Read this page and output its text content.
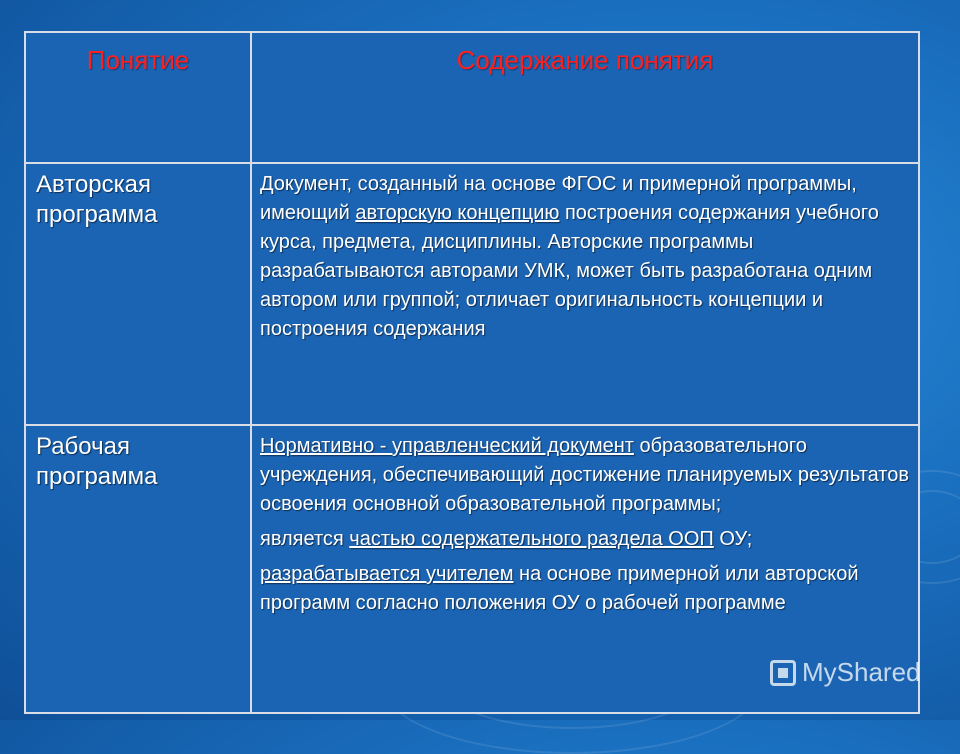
Понятие	Содержание понятия
Авторская программа	Документ, созданный на основе ФГОС и примерной программы, имеющий авторскую концепцию построения содержания учебного курса, предмета, дисциплины. Авторские программы разрабатываются авторами УМК, может быть разработана одним автором или группой; отличает оригинальность концепции и построения содержания
Рабочая программа	Нормативно - управленческий документ образовательного учреждения, обеспечивающий достижение планируемых результатов освоения основной образовательной программы;

является частью содержательного раздела ООП ОУ;

разрабатывается учителем на основе примерной или авторской программ согласно положения ОУ о рабочей программе

MyShared
